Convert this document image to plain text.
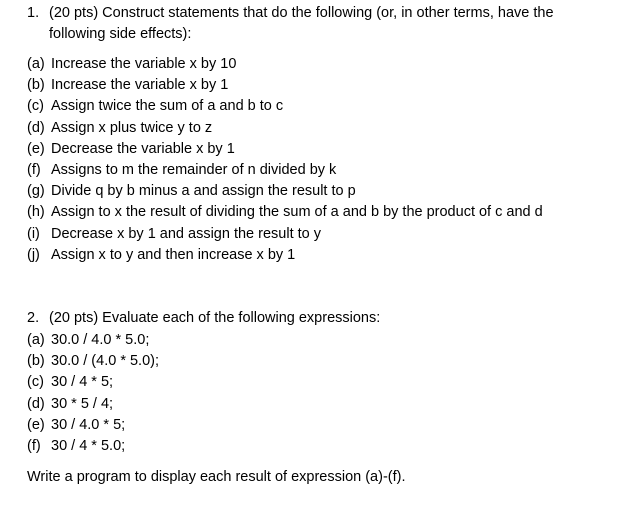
1. (20 pts) Construct statements that do the following (or, in other terms, have the following side effects):
(a) Increase the variable x by 10
(b) Increase the variable x by 1
(c) Assign twice the sum of a and b to c
(d) Assign x plus twice y to z
(e) Decrease the variable x by 1
(f) Assigns to m the remainder of n divided by k
(g) Divide q by b minus a and assign the result to p
(h) Assign to x the result of dividing the sum of a and b by the product of c and d
(i) Decrease x by 1 and assign the result to y
(j) Assign x to y and then increase x by 1
2. (20 pts) Evaluate each of the following expressions:
(a) 30.0 / 4.0 * 5.0;
(b) 30.0 / (4.0 * 5.0);
(c) 30 / 4 * 5;
(d) 30 * 5 / 4;
(e) 30 / 4.0 * 5;
(f) 30 / 4 * 5.0;
Write a program to display each result of expression (a)-(f).
